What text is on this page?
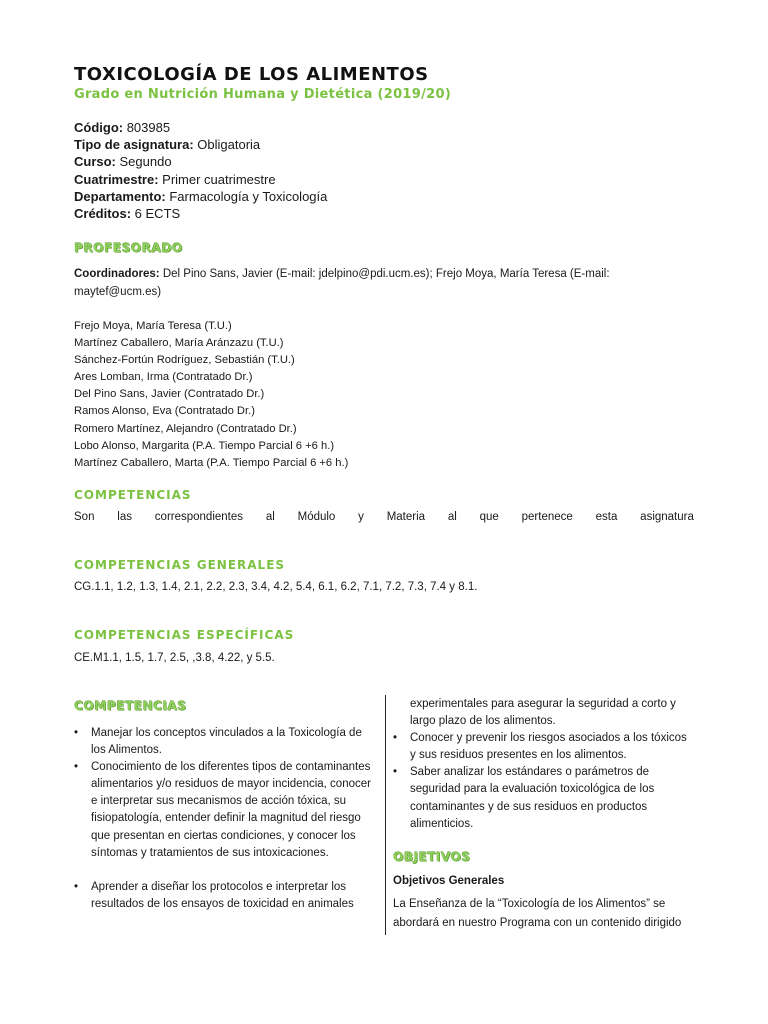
TOXICOLOGÍA DE LOS ALIMENTOS
Grado en Nutrición Humana y Dietética (2019/20)
Código: 803985
Tipo de asignatura: Obligatoria
Curso: Segundo
Cuatrimestre: Primer cuatrimestre
Departamento: Farmacología y Toxicología
Créditos: 6 ECTS
PROFESORADO

Coordinadores: Del Pino Sans, Javier (E-mail: jdelpino@pdi.ucm.es); Frejo Moya, María Teresa (E-mail: maytef@ucm.es)

Frejo Moya, María Teresa (T.U.)
Martínez Caballero, María Aránzazu (T.U.)
Sánchez-Fortún Rodríguez, Sebastián (T.U.)
Ares Lomban, Irma (Contratado Dr.)
Del Pino Sans, Javier (Contratado Dr.)
Ramos Alonso, Eva (Contratado Dr.)
Romero Martínez, Alejandro (Contratado Dr.)
Lobo Alonso, Margarita (P.A. Tiempo Parcial 6 +6 h.)
Martínez Caballero, Marta (P.A. Tiempo Parcial 6 +6 h.)
COMPETENCIAS
Son las correspondientes al Módulo y Materia al que pertenece esta asignatura
COMPETENCIAS GENERALES
CG.1.1, 1.2, 1.3, 1.4, 2.1, 2.2, 2.3, 3.4, 4.2, 5.4, 6.1, 6.2, 7.1, 7.2, 7.3, 7.4 y 8.1.
COMPETENCIAS ESPECÍFICAS
CE.M1.1, 1.5, 1.7, 2.5, ,3.8, 4.22, y 5.5.
COMPETENCIAS
• Manejar los conceptos vinculados a la Toxicología de los Alimentos.
• Conocimiento de los diferentes tipos de contaminantes alimentarios y/o residuos de mayor incidencia, conocer e interpretar sus mecanismos de acción tóxica, su fisiopatología, entender definir la magnitud del riesgo que presentan en ciertas condiciones, y conocer los síntomas y tratamientos de sus intoxicaciones.
• Aprender a diseñar los protocolos e interpretar los resultados de los ensayos de toxicidad en animales
experimentales para asegurar la seguridad a corto y largo plazo de los alimentos.
• Conocer y prevenir los riesgos asociados a los tóxicos y sus residuos presentes en los alimentos.
• Saber analizar los estándares o parámetros de seguridad para la evaluación toxicológica de los contaminantes y de sus residuos en productos alimenticios.
OBJETIVOS
Objetivos Generales
La Enseñanza de la “Toxicología de los Alimentos” se abordará en nuestro Programa con un contenido dirigido
